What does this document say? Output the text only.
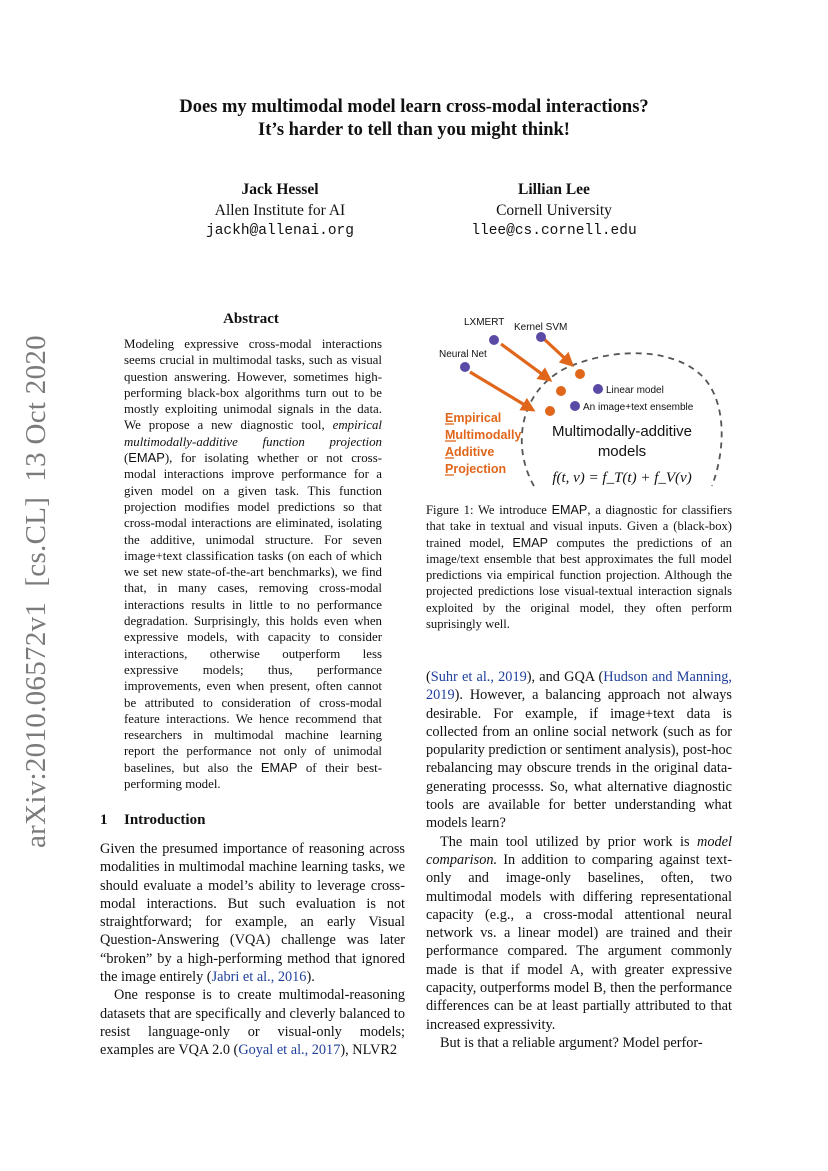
Does my multimodal model learn cross-modal interactions?
It’s harder to tell than you might think!
Jack Hessel
Allen Institute for AI
jackh@allenai.org
Lillian Lee
Cornell University
llee@cs.cornell.edu
arXiv:2010.06572v1  [cs.CL]  13 Oct 2020
Abstract
Modeling expressive cross-modal interactions seems crucial in multimodal tasks, such as visual question answering. However, sometimes high-performing black-box algorithms turn out to be mostly exploiting unimodal signals in the data. We propose a new diagnostic tool, empirical multimodally-additive function projection (EMAP), for isolating whether or not cross-modal interactions improve performance for a given model on a given task. This function projection modifies model predictions so that cross-modal interactions are eliminated, isolating the additive, unimodal structure. For seven image+text classification tasks (on each of which we set new state-of-the-art benchmarks), we find that, in many cases, removing cross-modal interactions results in little to no performance degradation. Surprisingly, this holds even when expressive models, with capacity to consider interactions, otherwise outperform less expressive models; thus, performance improvements, even when present, often cannot be attributed to consideration of cross-modal feature interactions. We hence recommend that researchers in multimodal machine learning report the performance not only of unimodal baselines, but also the EMAP of their best-performing model.
1 Introduction

Given the presumed importance of reasoning across modalities in multimodal machine learning tasks, we should evaluate a model’s ability to leverage cross-modal interactions. But such evaluation is not straightforward; for example, an early Visual Question-Answering (VQA) challenge was later “broken” by a high-performing method that ignored the image entirely (Jabri et al., 2016).

One response is to create multimodal-reasoning datasets that are specifically and cleverly balanced to resist language-only or visual-only models; examples are VQA 2.0 (Goyal et al., 2017), NLVR2

LXMERT Kernel SVM
Neural Net
Linear model
An image+text ensemble
Multimodally-additive
models
f(t, v) = f_T(t) + f_V(v)
Empirical
Multimodally
Additive
Projection
Figure 1: We introduce EMAP, a diagnostic for classifiers that take in textual and visual inputs. Given a (black-box) trained model, EMAP computes the predictions of an image/text ensemble that best approximates the full model predictions via empirical function projection. Although the projected predictions lose visual-textual interaction signals exploited by the original model, they often perform suprisingly well.

(Suhr et al., 2019), and GQA (Hudson and Manning, 2019). However, a balancing approach not always desirable. For example, if image+text data is collected from an online social network (such as for popularity prediction or sentiment analysis), post-hoc rebalancing may obscure trends in the original data-generating processs. So, what alternative diagnostic tools are available for better understanding what models learn?

The main tool utilized by prior work is model comparison. In addition to comparing against text-only and image-only baselines, often, two multimodal models with differing representational capacity (e.g., a cross-modal attentional neural network vs. a linear model) are trained and their performance compared. The argument commonly made is that if model A, with greater expressive capacity, outperforms model B, then the performance differences can be at least partially attributed to that increased expressivity.

But is that a reliable argument? Model perfor-
